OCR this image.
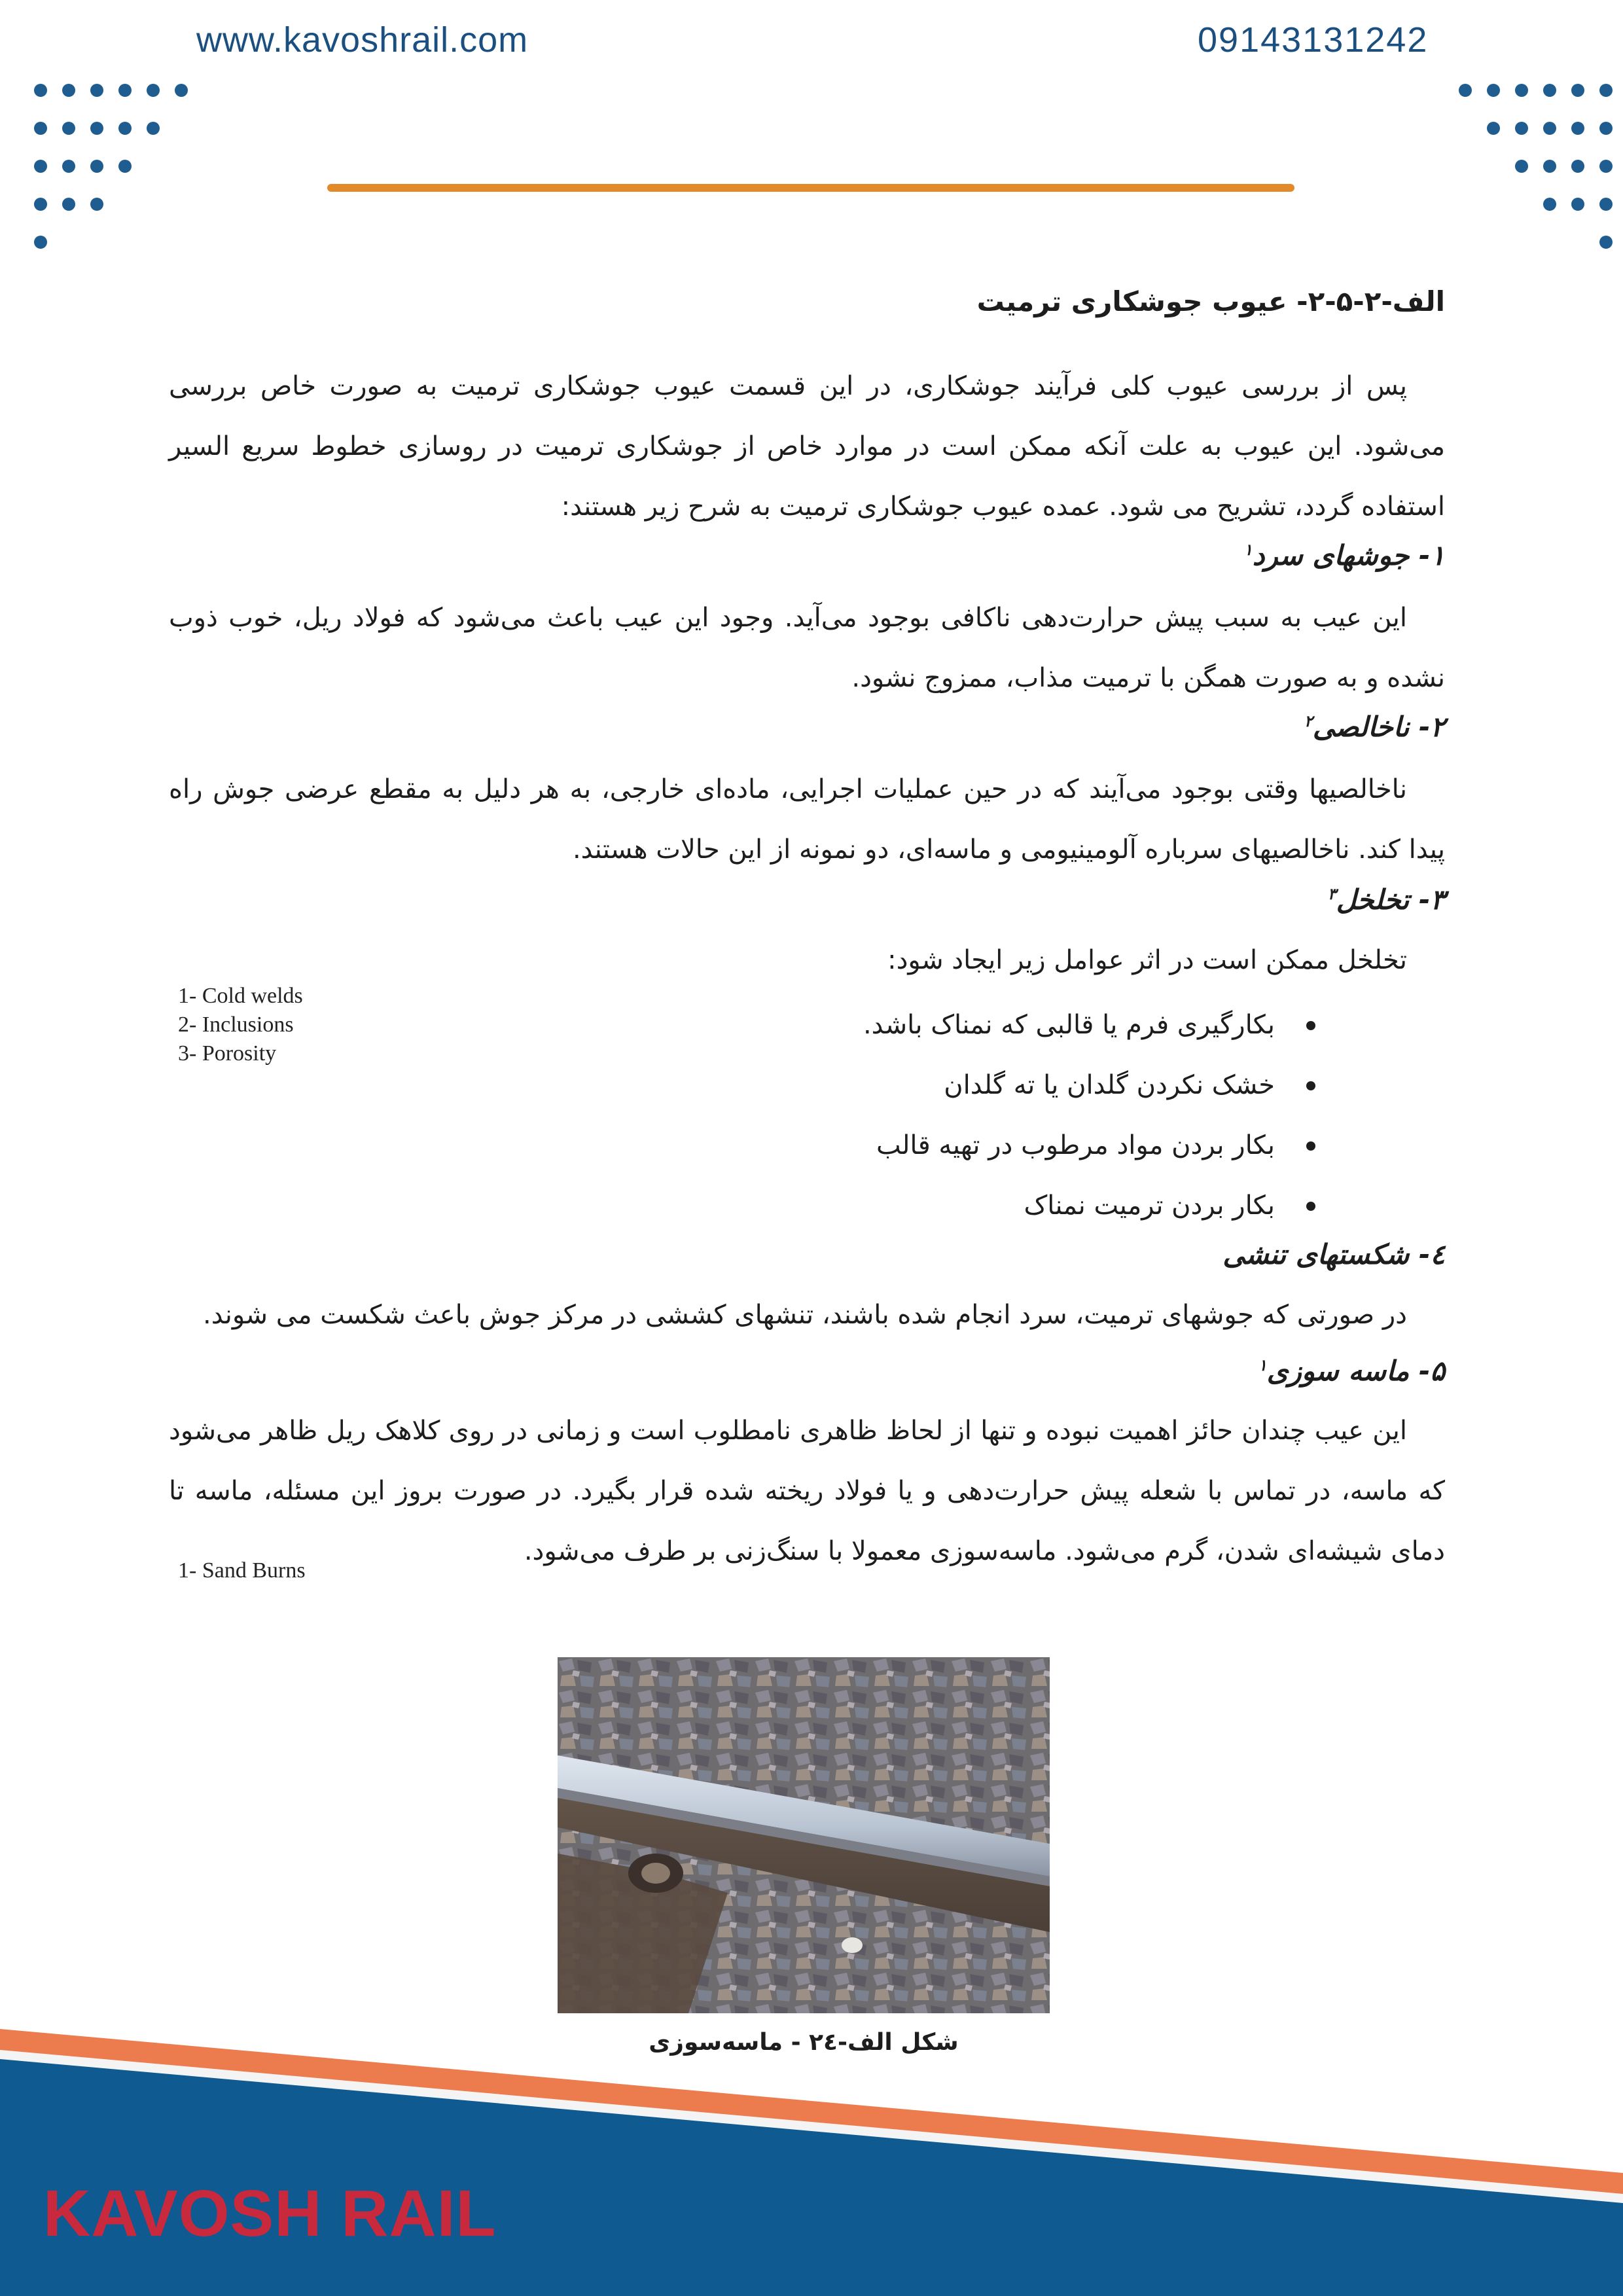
www.kavoshrail.com	09143131242
الف-۲-۵-۲- عیوب جوشکاری ترمیت
پس از بررسی عیوب کلی فرآیند جوشکاری، در این قسمت عیوب جوشکاری ترمیت به صورت خاص بررسی می‌شود. این عیوب به علت آنکه ممکن است در موارد خاص از جوشکاری ترمیت در روسازی خطوط سریع السیر استفاده گردد، تشریح می شود. عمده عیوب جوشکاری ترمیت به شرح زیر هستند:
۱- جوشهای سرد$^۱$
این عیب به سبب پیش حرارت‌دهی ناکافی بوجود می‌آید. وجود این عیب باعث می‌شود که فولاد ریل، خوب ذوب نشده و به صورت همگن با ترمیت مذاب، ممزوج نشود.
۲- ناخالصی$^۲$
ناخالصیها وقتی بوجود می‌آیند که در حین عملیات اجرایی، ماده‌ای خارجی، به هر دلیل به مقطع عرضی جوش راه پیدا کند. ناخالصیهای سرباره آلومینیومی و ماسه‌ای، دو نمونه از این حالات هستند.
۳- تخلخل$^۳$
تخلخل ممکن است در اثر عوامل زیر ایجاد شود:
بکارگیری فرم یا قالبی که نمناک باشد.
خشک نکردن گلدان یا ته گلدان
بکار بردن مواد مرطوب در تهیه قالب
بکار بردن ترمیت نمناک
1- Cold welds
2- Inclusions
3- Porosity
٤- شکستهای تنشی
در صورتی که جوشهای ترمیت، سرد انجام شده باشند، تنشهای کششی در مرکز جوش باعث شکست می شوند.
۵- ماسه سوزی$^۱$
این عیب چندان حائز اهمیت نبوده و تنها از لحاظ ظاهری نامطلوب است و زمانی در روی کلاهک ریل ظاهر می‌شود که ماسه، در تماس با شعله پیش حرارت‌دهی و یا فولاد ریخته شده قرار بگیرد. در صورت بروز این مسئله، ماسه تا دمای شیشه‌ای شدن، گرم می‌شود. ماسه‌سوزی معمولا با سنگ‌زنی بر طرف می‌شود.
1- Sand Burns
شکل الف-۲٤ - ماسه‌سوزی
KAVOSH RAIL
